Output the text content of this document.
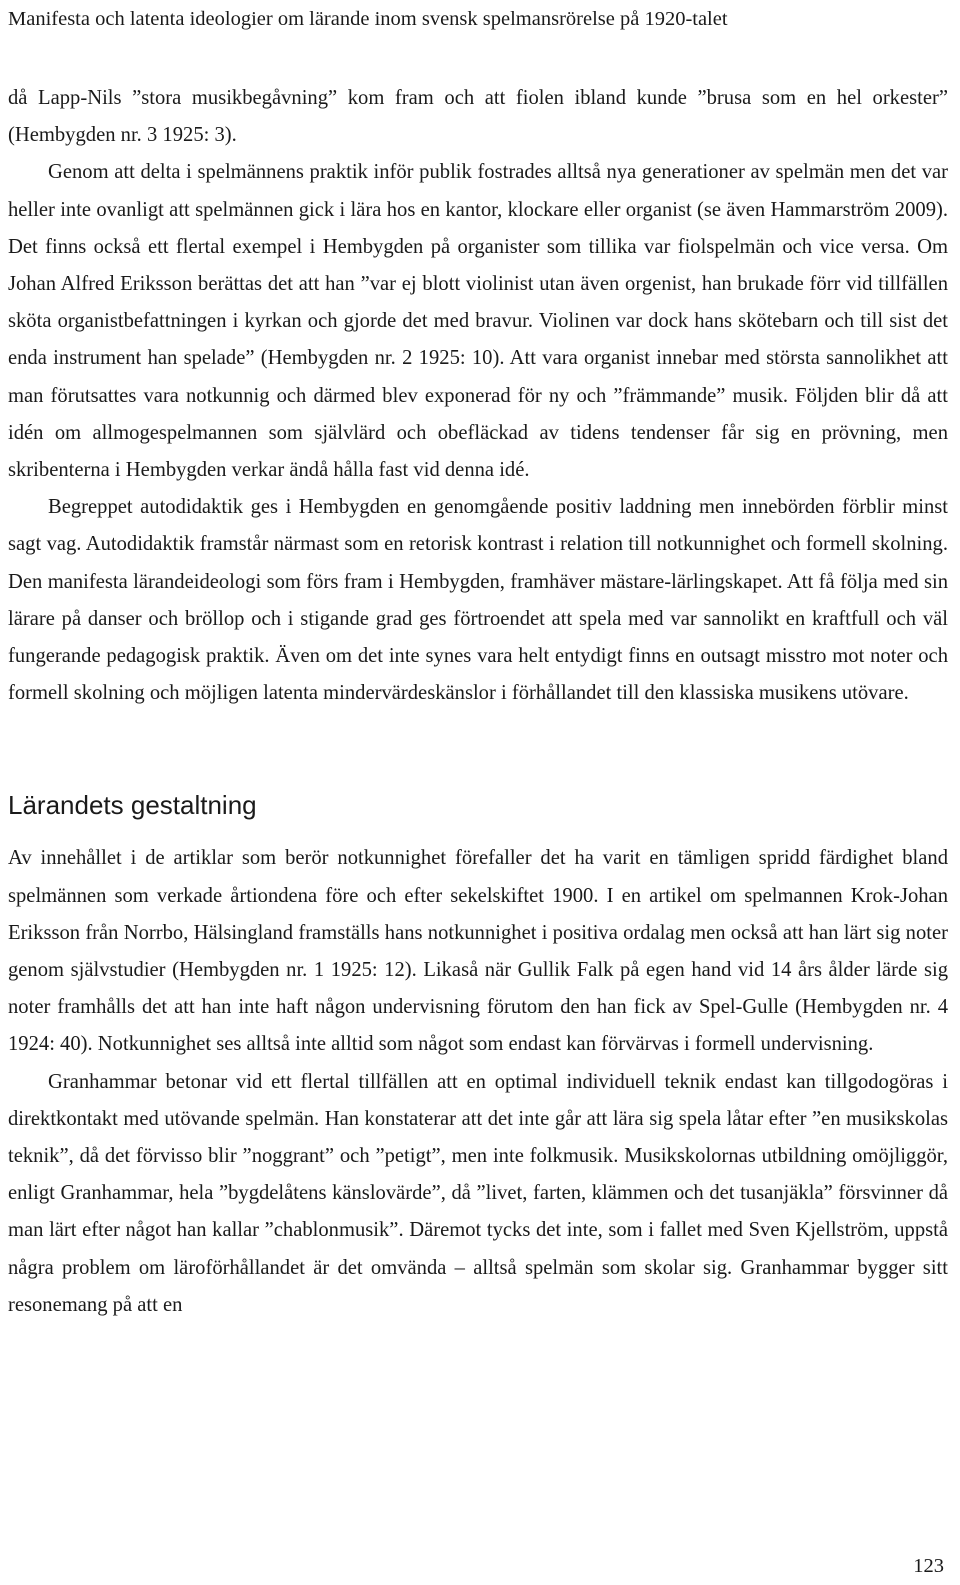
Manifesta och latenta ideologier om lärande inom svensk spelmansrörelse på 1920-talet

då Lapp-Nils ”stora musikbegåvning” kom fram och att fiolen ibland kunde ”brusa som en hel orkester” (Hembygden nr. 3 1925: 3).

Genom att delta i spelmännens praktik inför publik fostrades alltså nya generationer av spelmän men det var heller inte ovanligt att spelmännen gick i lära hos en kantor, klockare eller organist (se även Hammarström 2009). Det finns också ett flertal exempel i Hembygden på organister som tillika var fiolspelmän och vice versa. Om Johan Alfred Eriksson berättas det att han ”var ej blott violinist utan även orgenist, han brukade förr vid tillfällen sköta organistbefattningen i kyrkan och gjorde det med bravur. Violinen var dock hans skötebarn och till sist det enda instrument han spelade” (Hembygden nr. 2 1925: 10). Att vara organist innebar med största sannolikhet att man förutsattes vara notkunnig och därmed blev exponerad för ny och ”främmande” musik. Följden blir då att idén om allmogespelmannen som självlärd och obefläckad av tidens tendenser får sig en prövning, men skribenterna i Hembygden verkar ändå hålla fast vid denna idé.

Begreppet autodidaktik ges i Hembygden en genomgående positiv laddning men innebörden förblir minst sagt vag. Autodidaktik framstår närmast som en retorisk kontrast i relation till notkunnighet och formell skolning. Den manifesta lärandeideologi som förs fram i Hembygden, framhäver mästare-lärlingskapet. Att få följa med sin lärare på danser och bröllop och i stigande grad ges förtroendet att spela med var sannolikt en kraftfull och väl fungerande pedagogisk praktik. Även om det inte synes vara helt entydigt finns en outsagt misstro mot noter och formell skolning och möjligen latenta mindervärdeskänslor i förhållandet till den klassiska musikens utövare.

Lärandets gestaltning

Av innehållet i de artiklar som berör notkunnighet förefaller det ha varit en tämligen spridd färdighet bland spelmännen som verkade årtiondena före och efter sekelskiftet 1900. I en artikel om spelmannen Krok-Johan Eriksson från Norrbo, Hälsingland framställs hans notkunnighet i positiva ordalag men också att han lärt sig noter genom självstudier (Hembygden nr. 1 1925: 12). Likaså när Gullik Falk på egen hand vid 14 års ålder lärde sig noter framhålls det att han inte haft någon undervisning förutom den han fick av Spel-Gulle (Hembygden nr. 4 1924: 40). Notkunnighet ses alltså inte alltid som något som endast kan förvärvas i formell undervisning.

Granhammar betonar vid ett flertal tillfällen att en optimal individuell teknik endast kan tillgodogöras i direktkontakt med utövande spelmän. Han konstaterar att det inte går att lära sig spela låtar efter ”en musikskolas teknik”, då det förvisso blir ”noggrant” och ”petigt”, men inte folkmusik. Musikskolornas utbildning omöjliggör, enligt Granhammar, hela ”bygdelåtens känslovärde”, då ”livet, farten, klämmen och det tusanjäkla” försvinner då man lärt efter något han kallar ”chablonmusik”. Däremot tycks det inte, som i fallet med Sven Kjellström, uppstå några problem om läroförhållandet är det omvända – alltså spelmän som skolar sig. Granhammar bygger sitt resonemang på att en

123
